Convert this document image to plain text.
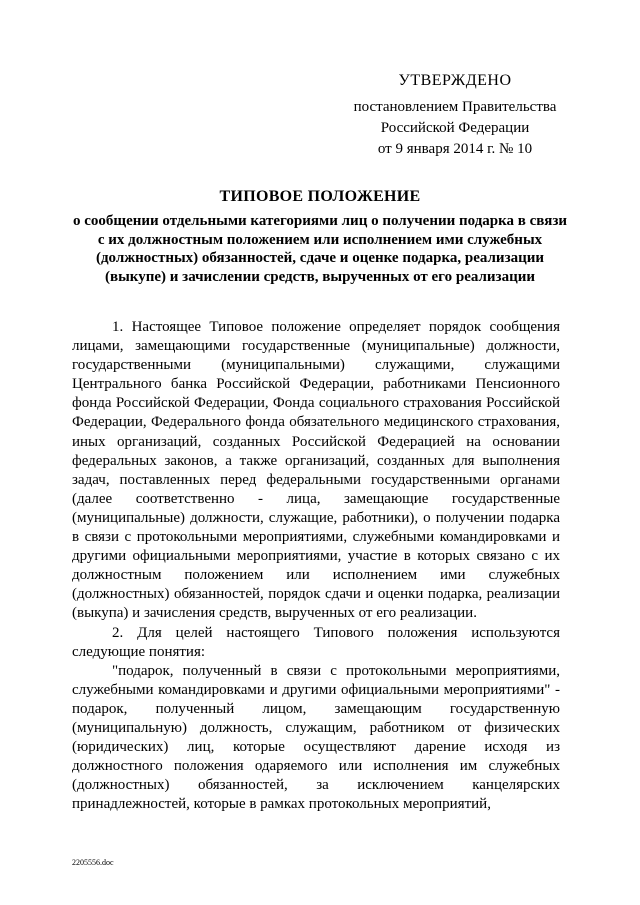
УТВЕРЖДЕНО
постановлением Правительства
Российской Федерации
от 9 января 2014 г. № 10
ТИПОВОЕ ПОЛОЖЕНИЕ
о сообщении отдельными категориями лиц о получении подарка в связи с их должностным положением или исполнением ими служебных (должностных) обязанностей, сдаче и оценке подарка, реализации (выкупе) и зачислении средств, вырученных от его реализации

1. Настоящее Типовое положение определяет порядок сообщения лицами, замещающими государственные (муниципальные) должности, государственными (муниципальными) служащими, служащими Центрального банка Российской Федерации, работниками Пенсионного фонда Российской Федерации, Фонда социального страхования Российской Федерации, Федерального фонда обязательного медицинского страхования, иных организаций, созданных Российской Федерацией на основании федеральных законов, а также организаций, созданных для выполнения задач, поставленных перед федеральными государственными органами (далее соответственно - лица, замещающие государственные (муниципальные) должности, служащие, работники), о получении подарка в связи с протокольными мероприятиями, служебными командировками и другими официальными мероприятиями, участие в которых связано с их должностным положением или исполнением ими служебных (должностных) обязанностей, порядок сдачи и оценки подарка, реализации (выкупа) и зачисления средств, вырученных от его реализации.

2. Для целей настоящего Типового положения используются следующие понятия:

"подарок, полученный в связи с протокольными мероприятиями, служебными командировками и другими официальными мероприятиями" - подарок, полученный лицом, замещающим государственную (муниципальную) должность, служащим, работником от физических (юридических) лиц, которые осуществляют дарение исходя из должностного положения одаряемого или исполнения им служебных (должностных) обязанностей, за исключением канцелярских принадлежностей, которые в рамках протокольных мероприятий,

2205556.doc
